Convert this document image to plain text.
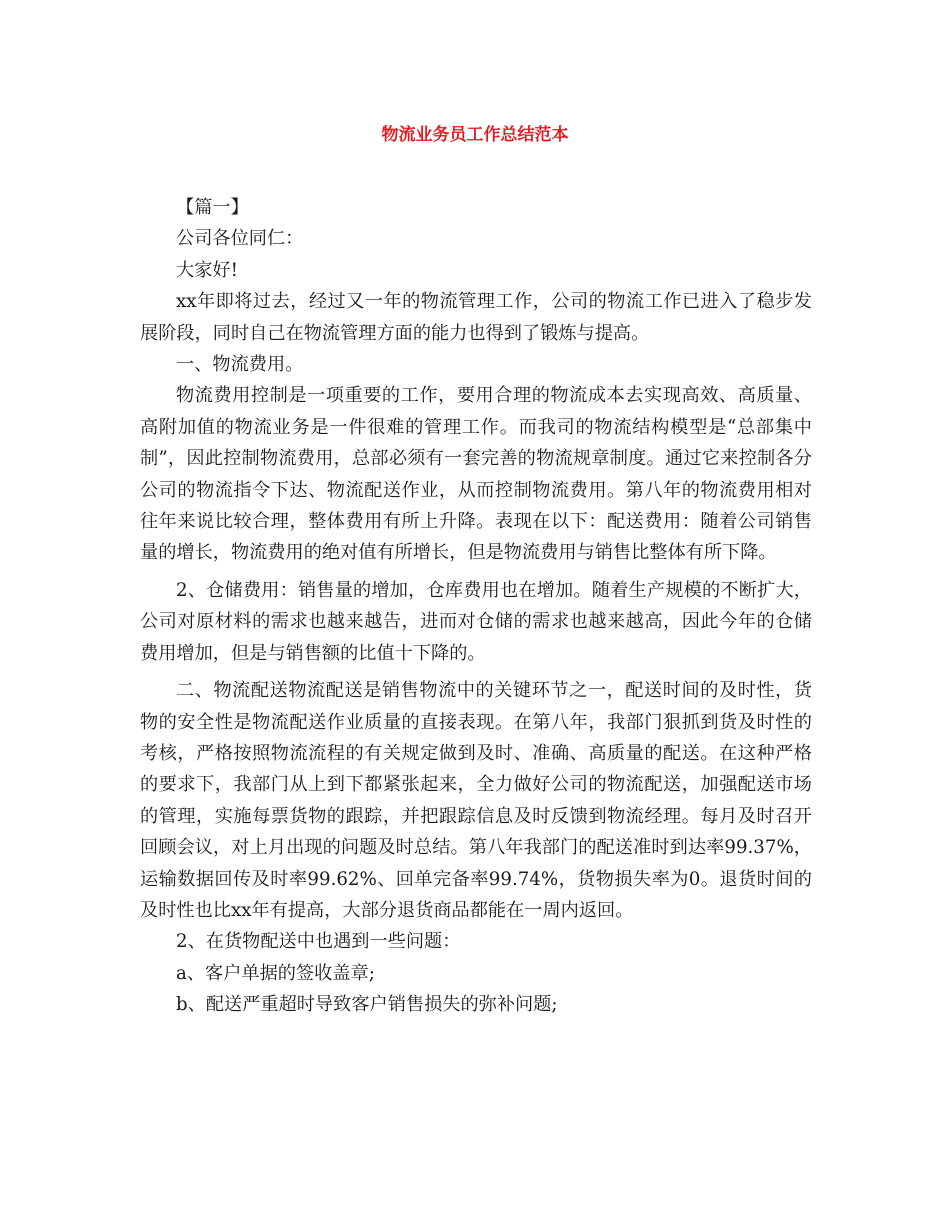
物流业务员工作总结范本

【篇一】

公司各位同仁：

大家好!

xx年即将过去，经过又一年的物流管理工作，公司的物流工作已进入了稳步发展阶段，同时自己在物流管理方面的能力也得到了锻炼与提高。

一、物流费用。

物流费用控制是一项重要的工作，要用合理的物流成本去实现高效、高质量、高附加值的物流业务是一件很难的管理工作。而我司的物流结构模型是“总部集中制”，因此控制物流费用，总部必须有一套完善的物流规章制度。通过它来控制各分公司的物流指令下达、物流配送作业，从而控制物流费用。第八年的物流费用相对往年来说比较合理，整体费用有所上升降。表现在以下：配送费用：随着公司销售量的增长，物流费用的绝对值有所增长，但是物流费用与销售比整体有所下降。

2、仓储费用：销售量的增加，仓库费用也在增加。随着生产规模的不断扩大，公司对原材料的需求也越来越告，进而对仓储的需求也越来越高，因此今年的仓储费用增加，但是与销售额的比值十下降的。

二、物流配送物流配送是销售物流中的关键环节之一，配送时间的及时性，货物的安全性是物流配送作业质量的直接表现。在第八年，我部门狠抓到货及时性的考核，严格按照物流流程的有关规定做到及时、准确、高质量的配送。在这种严格的要求下，我部门从上到下都紧张起来，全力做好公司的物流配送，加强配送市场的管理，实施每票货物的跟踪，并把跟踪信息及时反馈到物流经理。每月及时召开回顾会议，对上月出现的问题及时总结。第八年我部门的配送准时到达率99.37%，运输数据回传及时率99.62%、回单完备率99.74%，货物损失率为0。退货时间的及时性也比xx年有提高，大部分退货商品都能在一周内返回。

2、在货物配送中也遇到一些问题：

a、客户单据的签收盖章;

b、配送严重超时导致客户销售损失的弥补问题;
